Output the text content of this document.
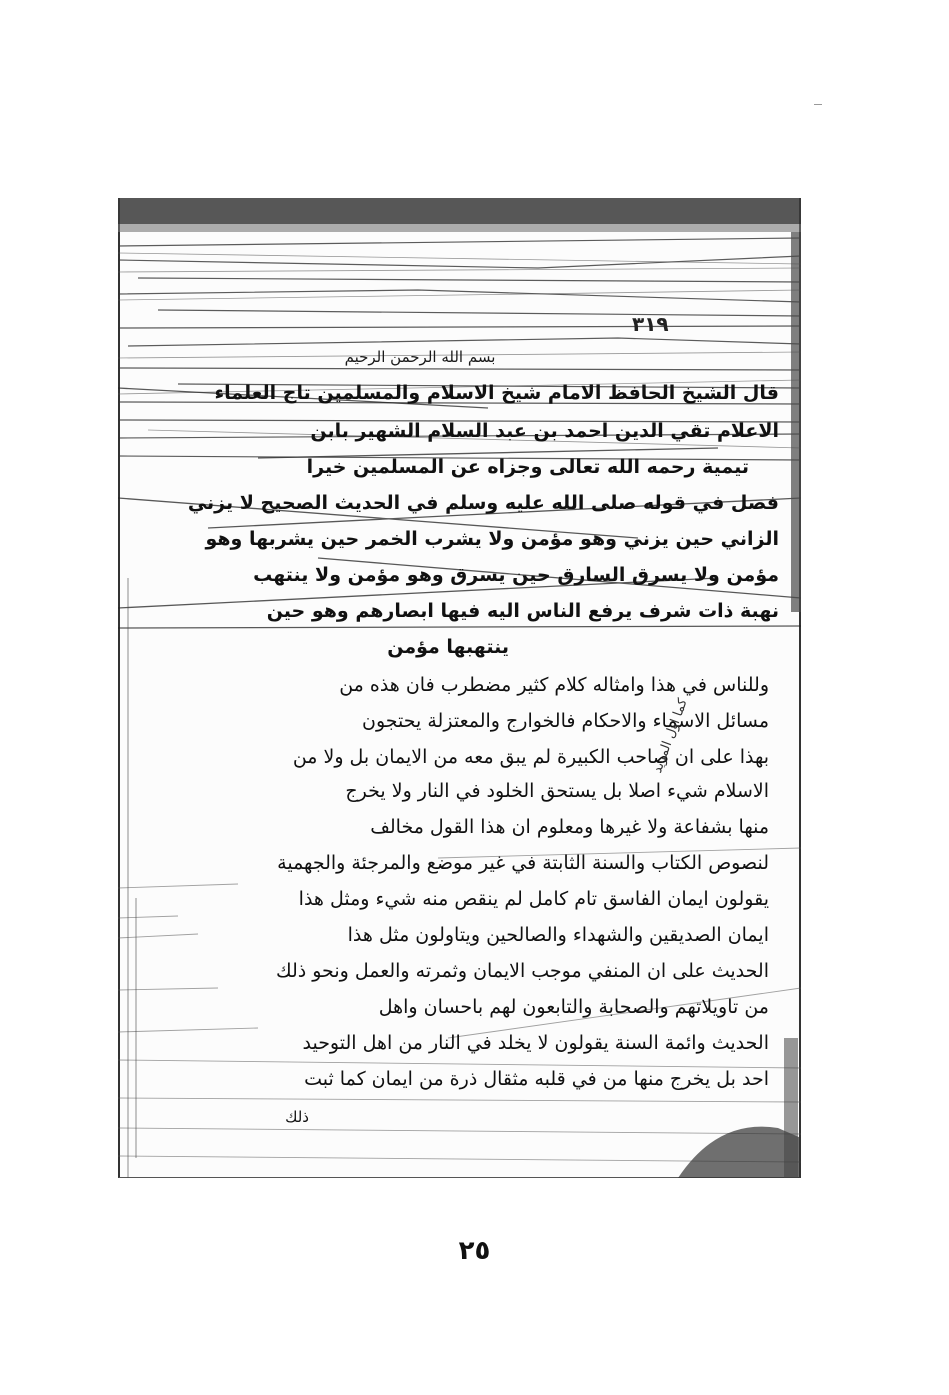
٣١٩
بسم الله الرحمن الرحيم
قال الشيخ الحافظ الامام شيخ الاسلام والمسلمين تاج العلماء
الاعلام تقي الدين احمد بن عبد السلام الشهير بابن
تيمية رحمه الله تعالى وجزاه عن المسلمين خيرا
فصل في قوله صلى الله عليه وسلم في الحديث الصحيح لا يزني
الزاني حين يزني وهو مؤمن ولا يشرب الخمر حين يشربها وهو
مؤمن ولا يسرق السارق حين يسرق وهو مؤمن ولا ينتهب
نهبة ذات شرف يرفع الناس اليه فيها ابصارهم وهو حين
ينتهبها مؤمن
وللناس في هذا وامثاله كلام كثير مضطرب فان هذه من
مسائل الاسماء والاحكام فالخوارج والمعتزلة يحتجون
بهذا على ان صاحب الكبيرة لم يبق معه من الايمان بل ولا من
الاسلام شيء اصلا بل يستحق الخلود في النار ولا يخرج
منها بشفاعة ولا غيرها ومعلوم ان هذا القول مخالف
لنصوص الكتاب والسنة الثابتة في غير موضع والمرجئة والجهمية
يقولون ايمان الفاسق تام كامل لم ينقص منه شيء ومثل هذا
ايمان الصديقين والشهداء والصالحين ويتاولون مثل هذا
الحديث على ان المنفي موجب الايمان وثمرته والعمل ونحو ذلك
من تاويلاتهم والصحابة والتابعون لهم باحسان واهل
الحديث وائمة السنة يقولون لا يخلد في النار من اهل التوحيد
احد بل يخرج منها من في قلبه مثقال ذرة من ايمان كما ثبت
كما اول المريد
ذلك
٢٥
